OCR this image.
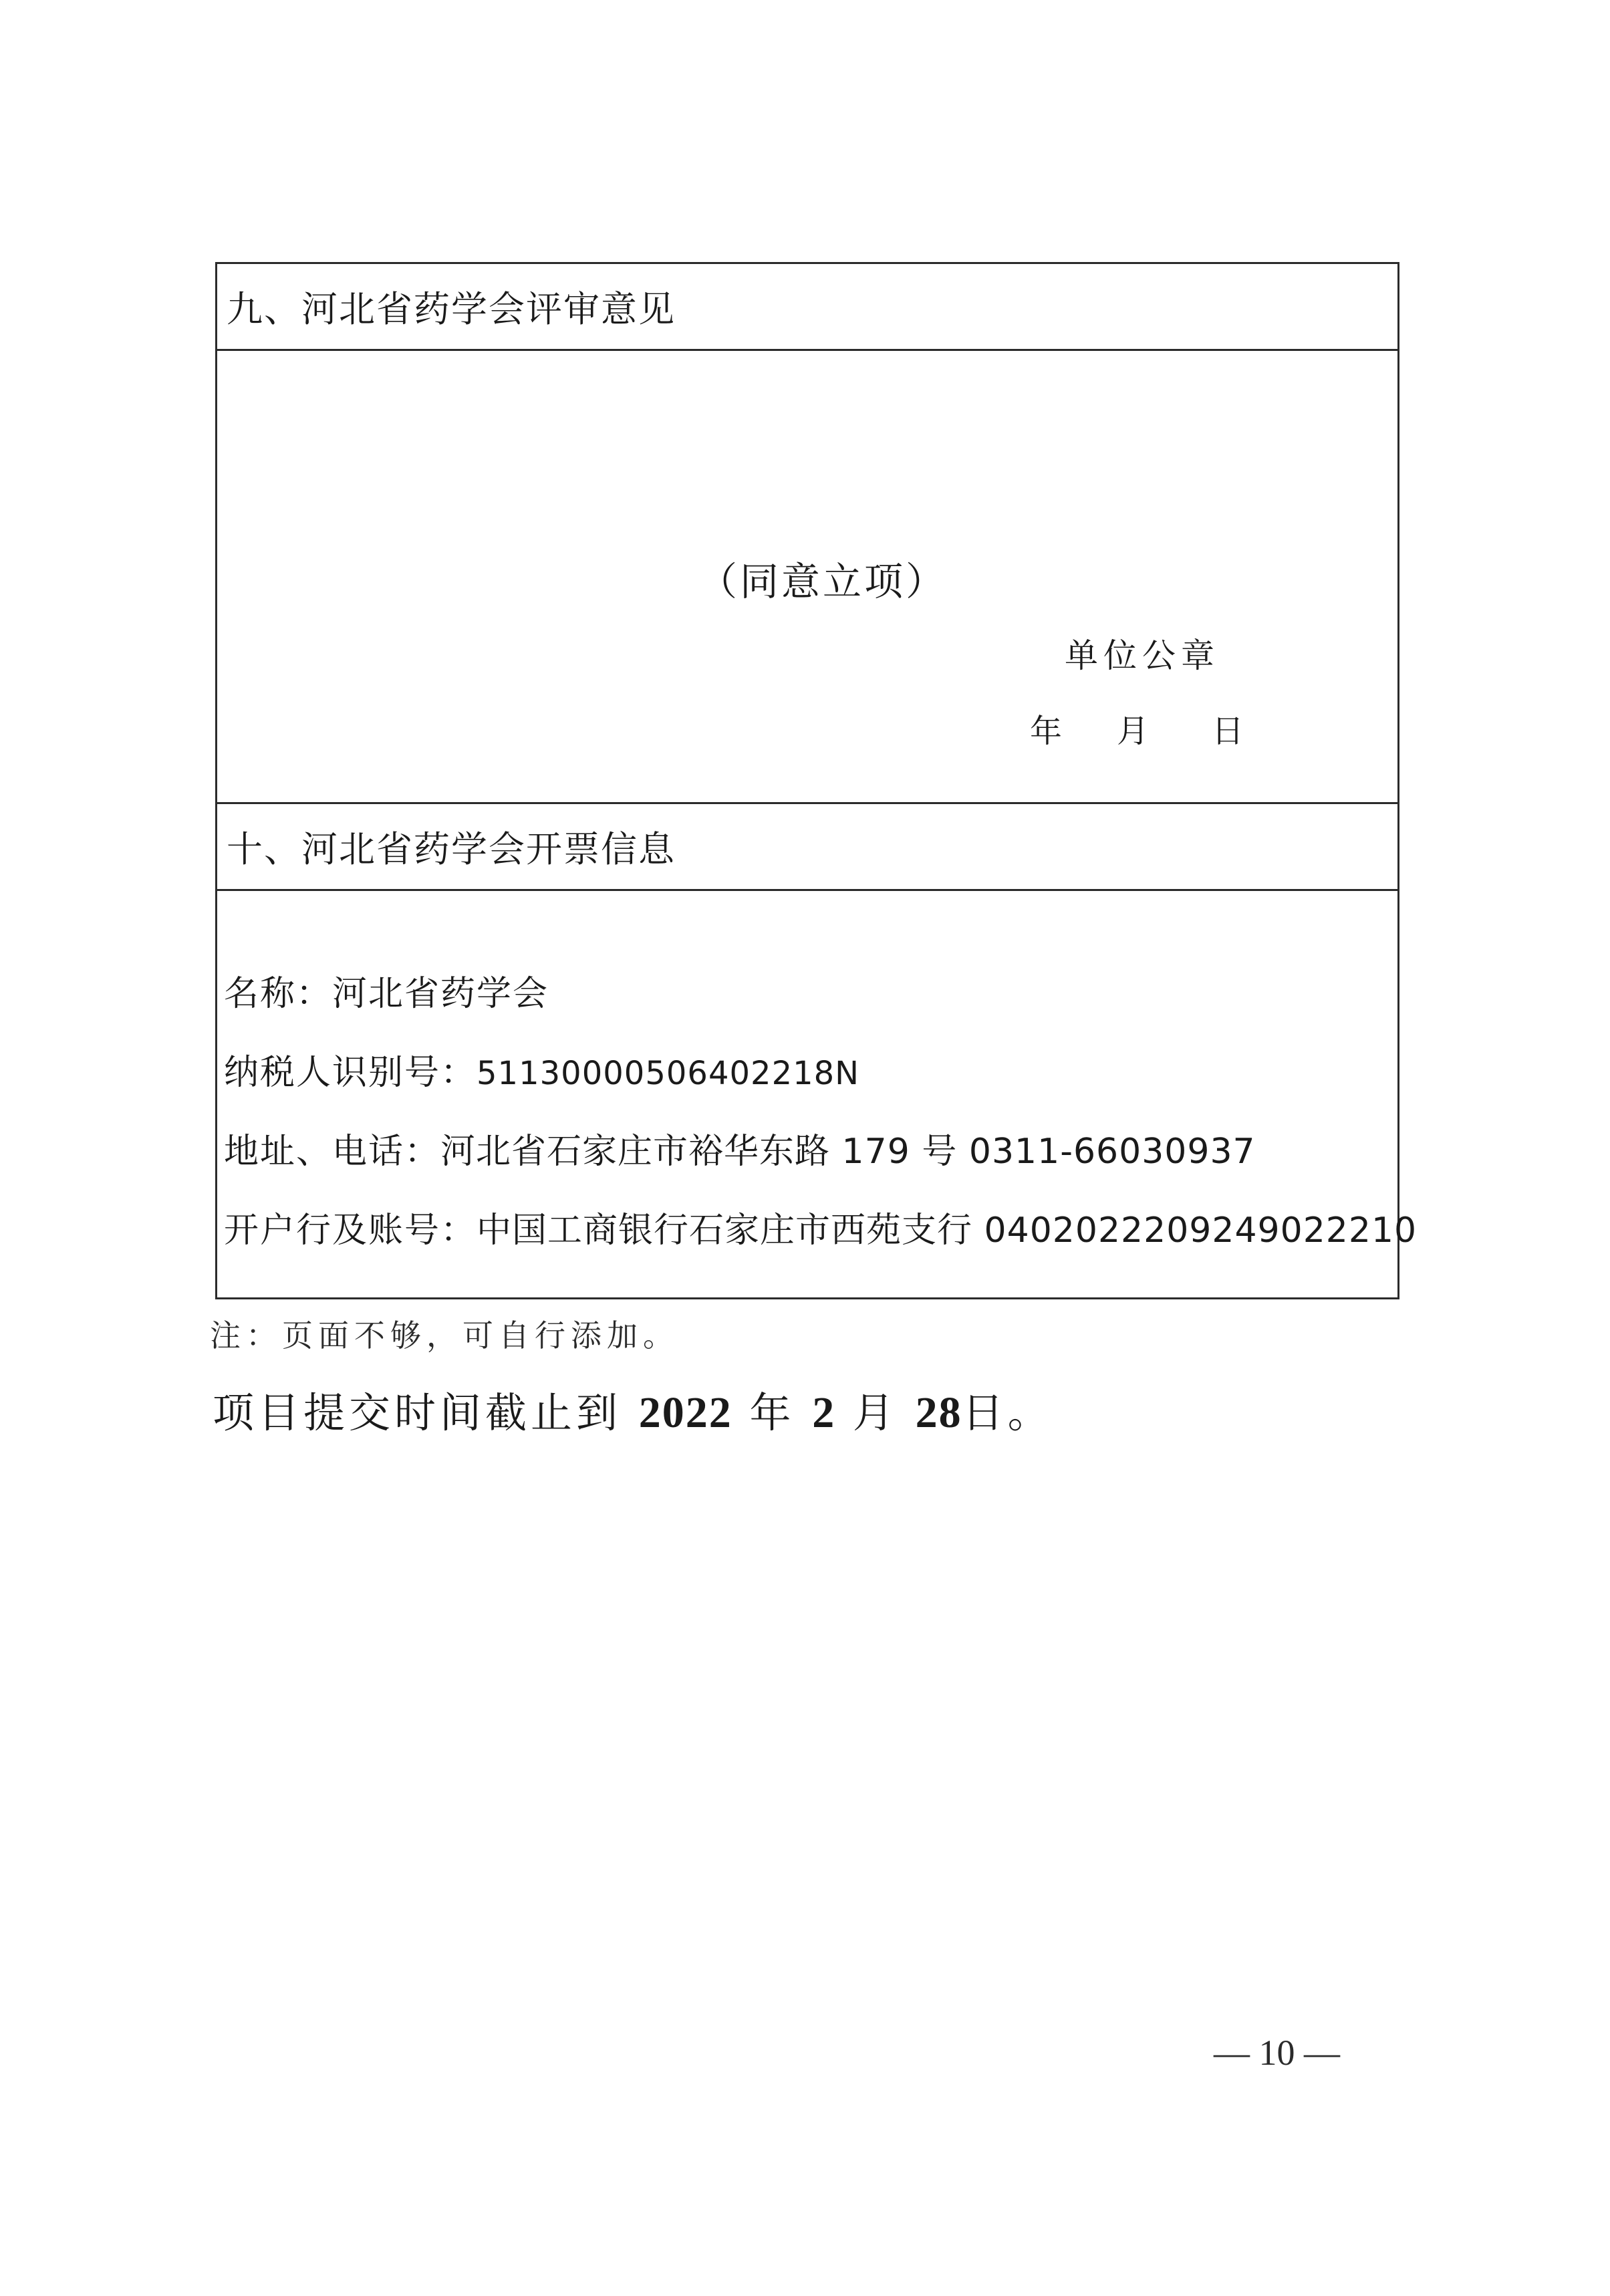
九、河北省药学会评审意见
（同意立项）
单位公章
年	月	日
十、河北省药学会开票信息
名称：河北省药学会
纳税人识别号：51130000506402218N
地址、电话：河北省石家庄市裕华东路 179 号 0311-66030937
开户行及账号：中国工商银行石家庄市西苑支行 0402022209249022210
注：页面不够，可自行添加。
项目提交时间截止到 2022 年 2 月 28日。
— 10 —
